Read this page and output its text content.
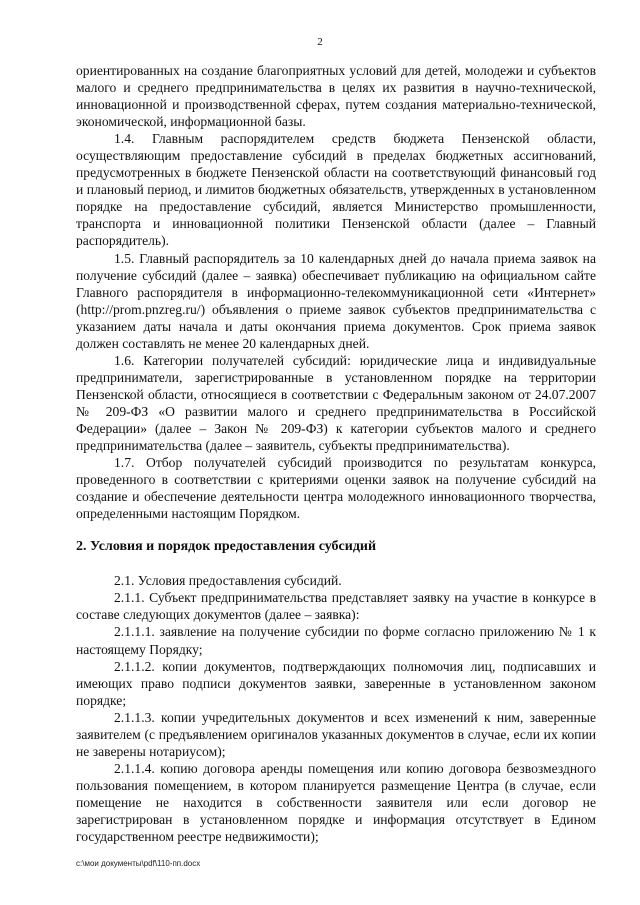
2

ориентированных на создание благоприятных условий для детей, молодежи и субъектов малого и среднего предпринимательства в целях их развития в научно-технической, инновационной и производственной сферах, путем создания материально-технической, экономической, информационной базы.

1.4. Главным распорядителем средств бюджета Пензенской области, осуществляющим предоставление субсидий в пределах бюджетных ассигнований, предусмотренных в бюджете Пензенской области на соответствующий финансовый год и плановый период, и лимитов бюджетных обязательств, утвержденных в установленном порядке на предоставление субсидий, является Министерство промышленности, транспорта и инновационной политики Пензенской области (далее – Главный распорядитель).

1.5. Главный распорядитель за 10 календарных дней до начала приема заявок на получение субсидий (далее – заявка) обеспечивает публикацию на официальном сайте Главного распорядителя в информационно-телекоммуникационной сети «Интернет» (http://prom.pnzreg.ru/) объявления о приеме заявок субъектов предпринимательства с указанием даты начала и даты окончания приема документов. Срок приема заявок должен составлять не менее 20 календарных дней.

1.6. Категории получателей субсидий: юридические лица и индивидуальные предприниматели, зарегистрированные в установленном порядке на территории Пензенской области, относящиеся в соответствии с Федеральным законом от 24.07.2007 № 209-ФЗ «О развитии малого и среднего предпринимательства в Российской Федерации» (далее – Закон № 209-ФЗ) к категории субъектов малого и среднего предпринимательства (далее – заявитель, субъекты предпринимательства).

1.7. Отбор получателей субсидий производится по результатам конкурса, проведенного в соответствии с критериями оценки заявок на получение субсидий на создание и обеспечение деятельности центра молодежного инновационного творчества, определенными настоящим Порядком.

2. Условия и порядок предоставления субсидий

2.1. Условия предоставления субсидий.

2.1.1. Субъект предпринимательства представляет заявку на участие в конкурсе в составе следующих документов (далее – заявка):

2.1.1.1. заявление на получение субсидии по форме согласно приложению № 1 к настоящему Порядку;

2.1.1.2. копии документов, подтверждающих полномочия лиц, подписавших и имеющих право подписи документов заявки, заверенные в установленном законом порядке;

2.1.1.3. копии учредительных документов и всех изменений к ним, заверенные заявителем (с предъявлением оригиналов указанных документов в случае, если их копии не заверены нотариусом);

2.1.1.4. копию договора аренды помещения или копию договора безвозмездного пользования помещением, в котором планируется размещение Центра (в случае, если помещение не находится в собственности заявителя или если договор не зарегистрирован в установленном порядке и информация отсутствует в Едином государственном реестре недвижимости);

c:\мои документы\pdf\110-пп.docx
